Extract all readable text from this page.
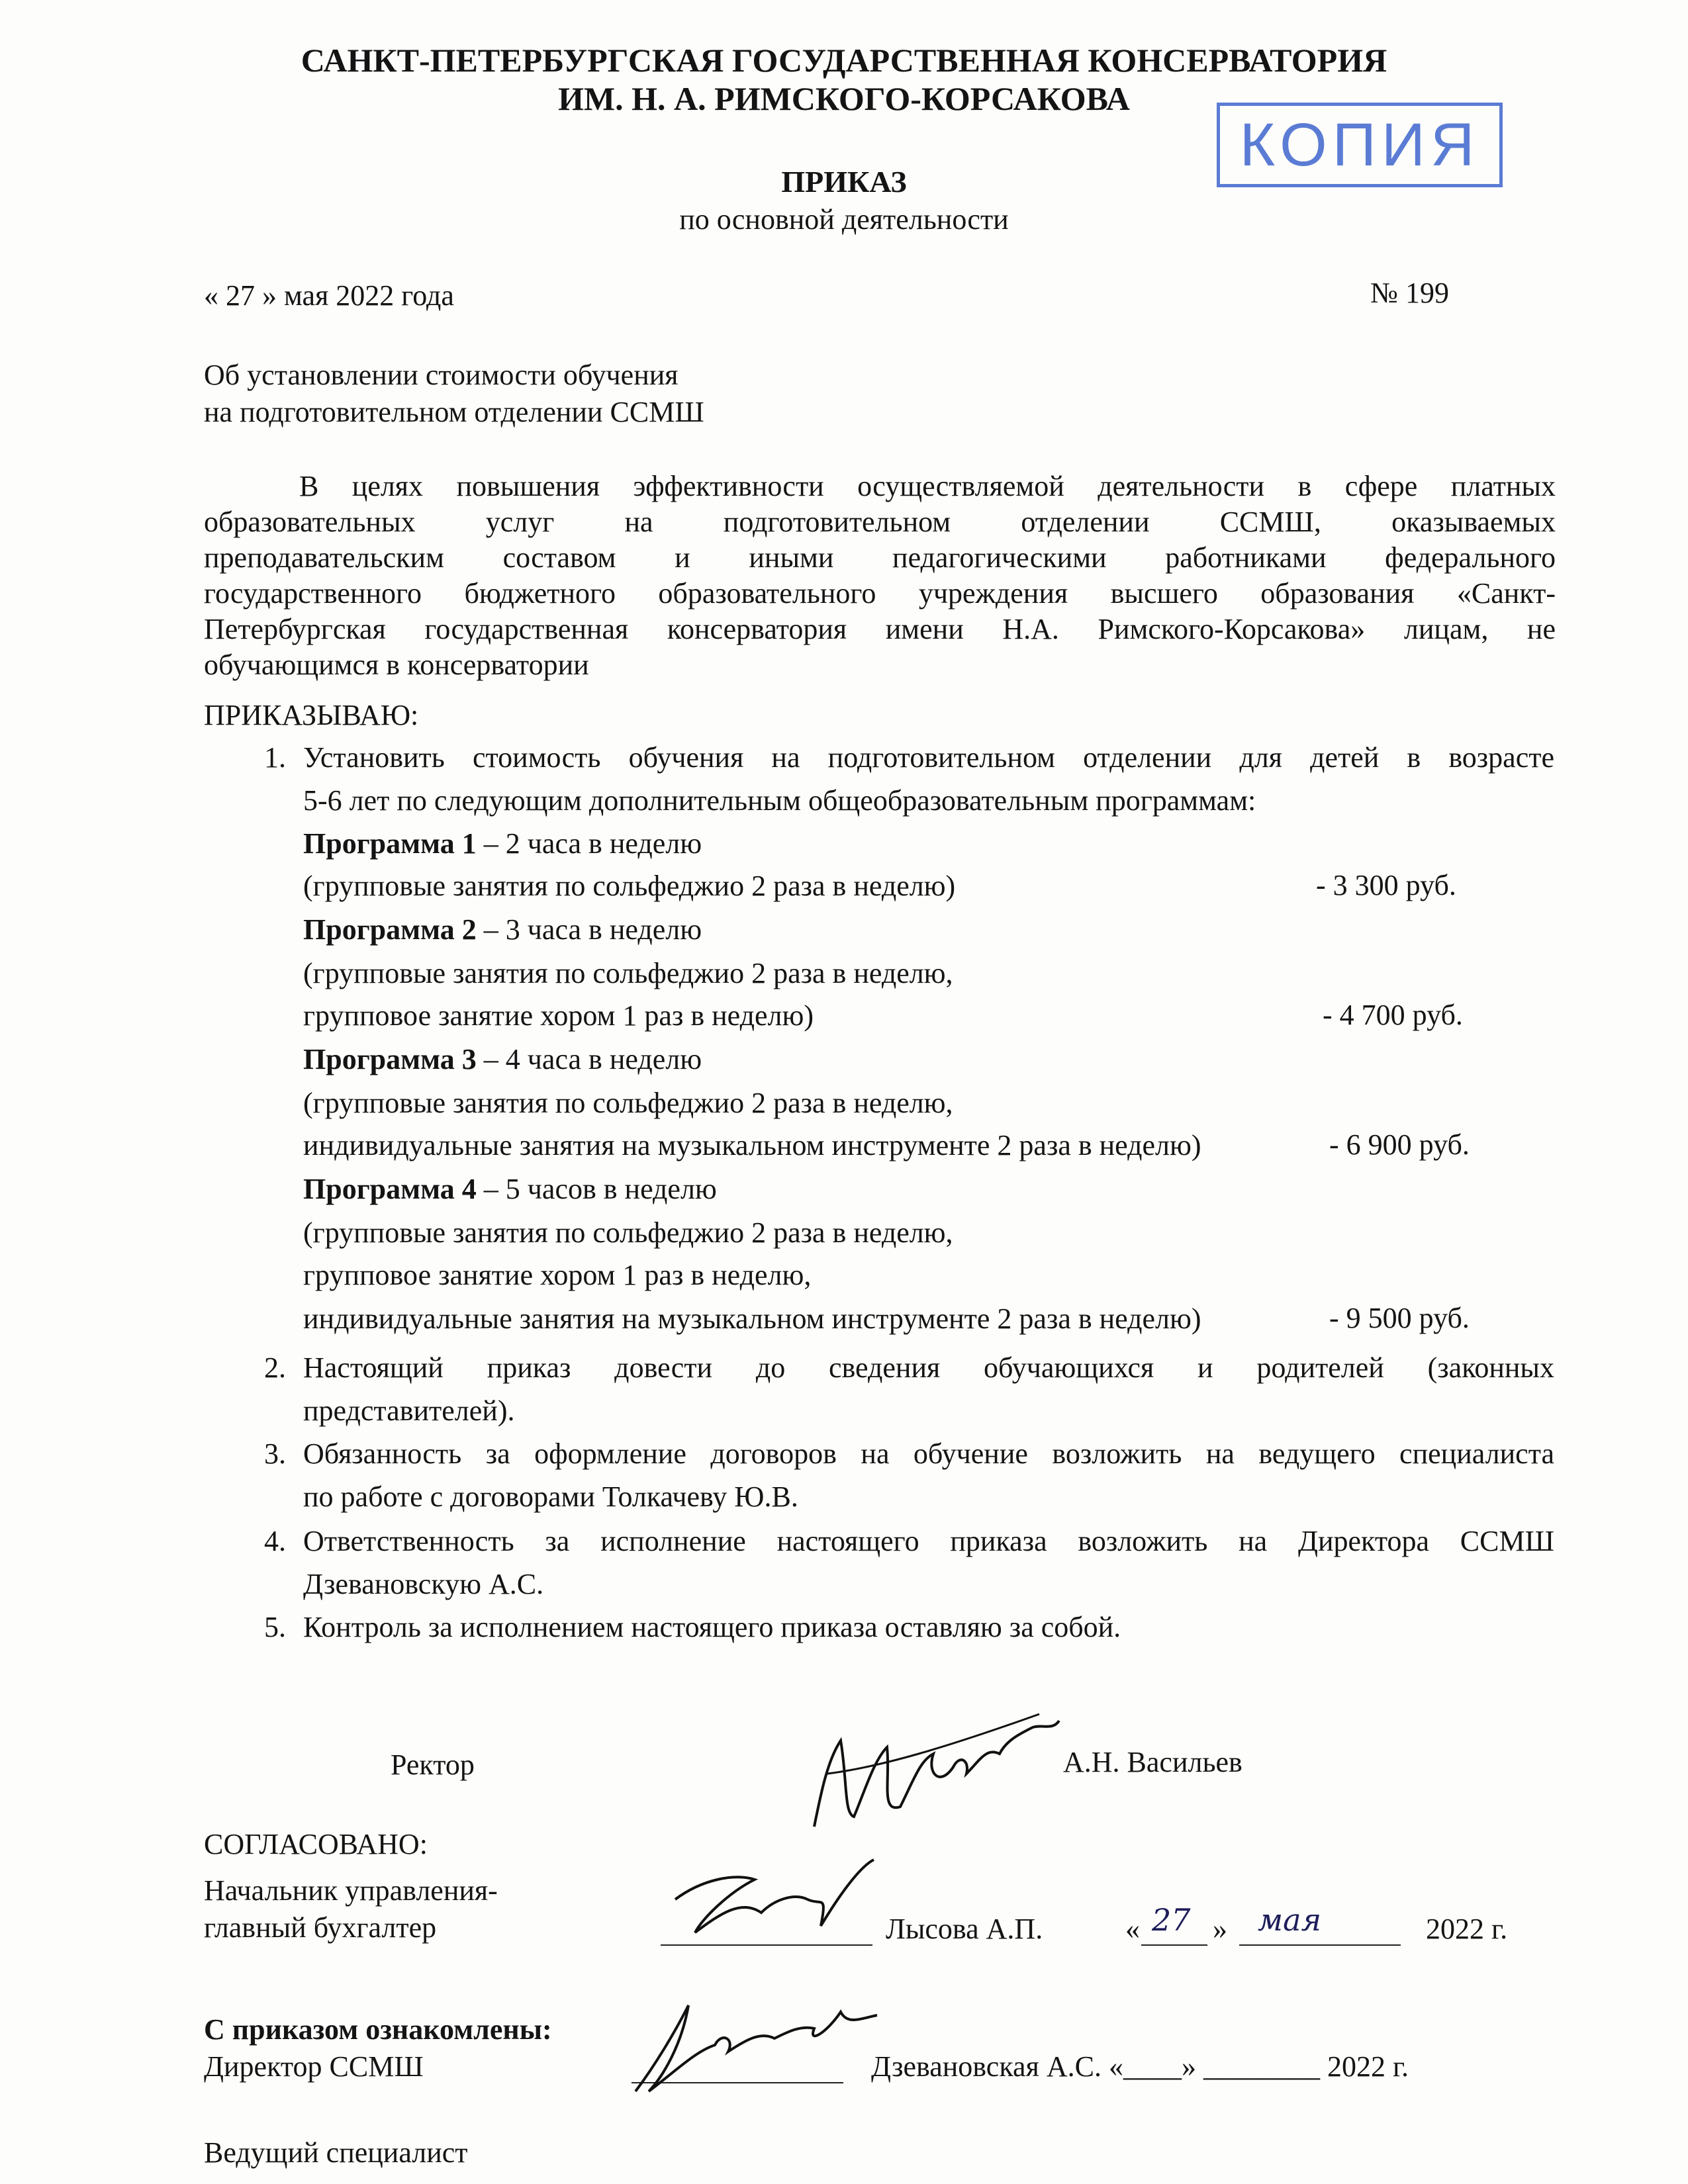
САНКТ-ПЕТЕРБУРГСКАЯ ГОСУДАРСТВЕННАЯ КОНСЕРВАТОРИЯ
ИМ. Н. А. РИМСКОГО-КОРСАКОВА
КОПИЯ
ПРИКАЗ
по основной деятельности
« 27 » мая 2022 года	№ 199
Об установлении стоимости обучения
на подготовительном отделении ССМШ
В целях повышения эффективности осуществляемой деятельности в сфере платных
образовательных услуг на подготовительном отделении ССМШ, оказываемых
преподавательским составом и иными педагогическими работниками федерального
государственного бюджетного образовательного учреждения высшего образования «Санкт-
Петербургская государственная консерватория имени Н.А. Римского-Корсакова» лицам, не
обучающимся в консерватории
ПРИКАЗЫВАЮ:
1. Установить стоимость обучения на подготовительном отделении для детей в возрасте
5-6 лет по следующим дополнительным общеобразовательным программам:
Программа 1 – 2 часа в неделю
(групповые занятия по сольфеджио 2 раза в неделю)	- 3 300 руб.
Программа 2 – 3 часа в неделю
(групповые занятия по сольфеджио 2 раза в неделю,
групповое занятие хором 1 раз в неделю)	- 4 700 руб.
Программа 3 – 4 часа в неделю
(групповые занятия по сольфеджио 2 раза в неделю,
индивидуальные занятия на музыкальном инструменте 2 раза в неделю)	- 6 900 руб.
Программа 4 – 5 часов в неделю
(групповые занятия по сольфеджио 2 раза в неделю,
групповое занятие хором 1 раз в неделю,
индивидуальные занятия на музыкальном инструменте 2 раза в неделю)	- 9 500 руб.
2. Настоящий приказ довести до сведения обучающихся и родителей (законных
представителей).
3. Обязанность за оформление договоров на обучение возложить на ведущего специалиста
по работе с договорами Толкачеву Ю.В.
4. Ответственность за исполнение настоящего приказа возложить на Директора ССМШ
Дзевановскую А.С.
5. Контроль за исполнением настоящего приказа оставляю за собой.
Ректор	А.Н. Васильев
СОГЛАСОВАНО:
Начальник управления-
главный бухгалтер	Лысова А.П.	« 27 » мая	2022 г.
С приказом ознакомлены:
Директор ССМШ	Дзевановская А.С. «____» ________ 2022 г.
Ведущий специалист
